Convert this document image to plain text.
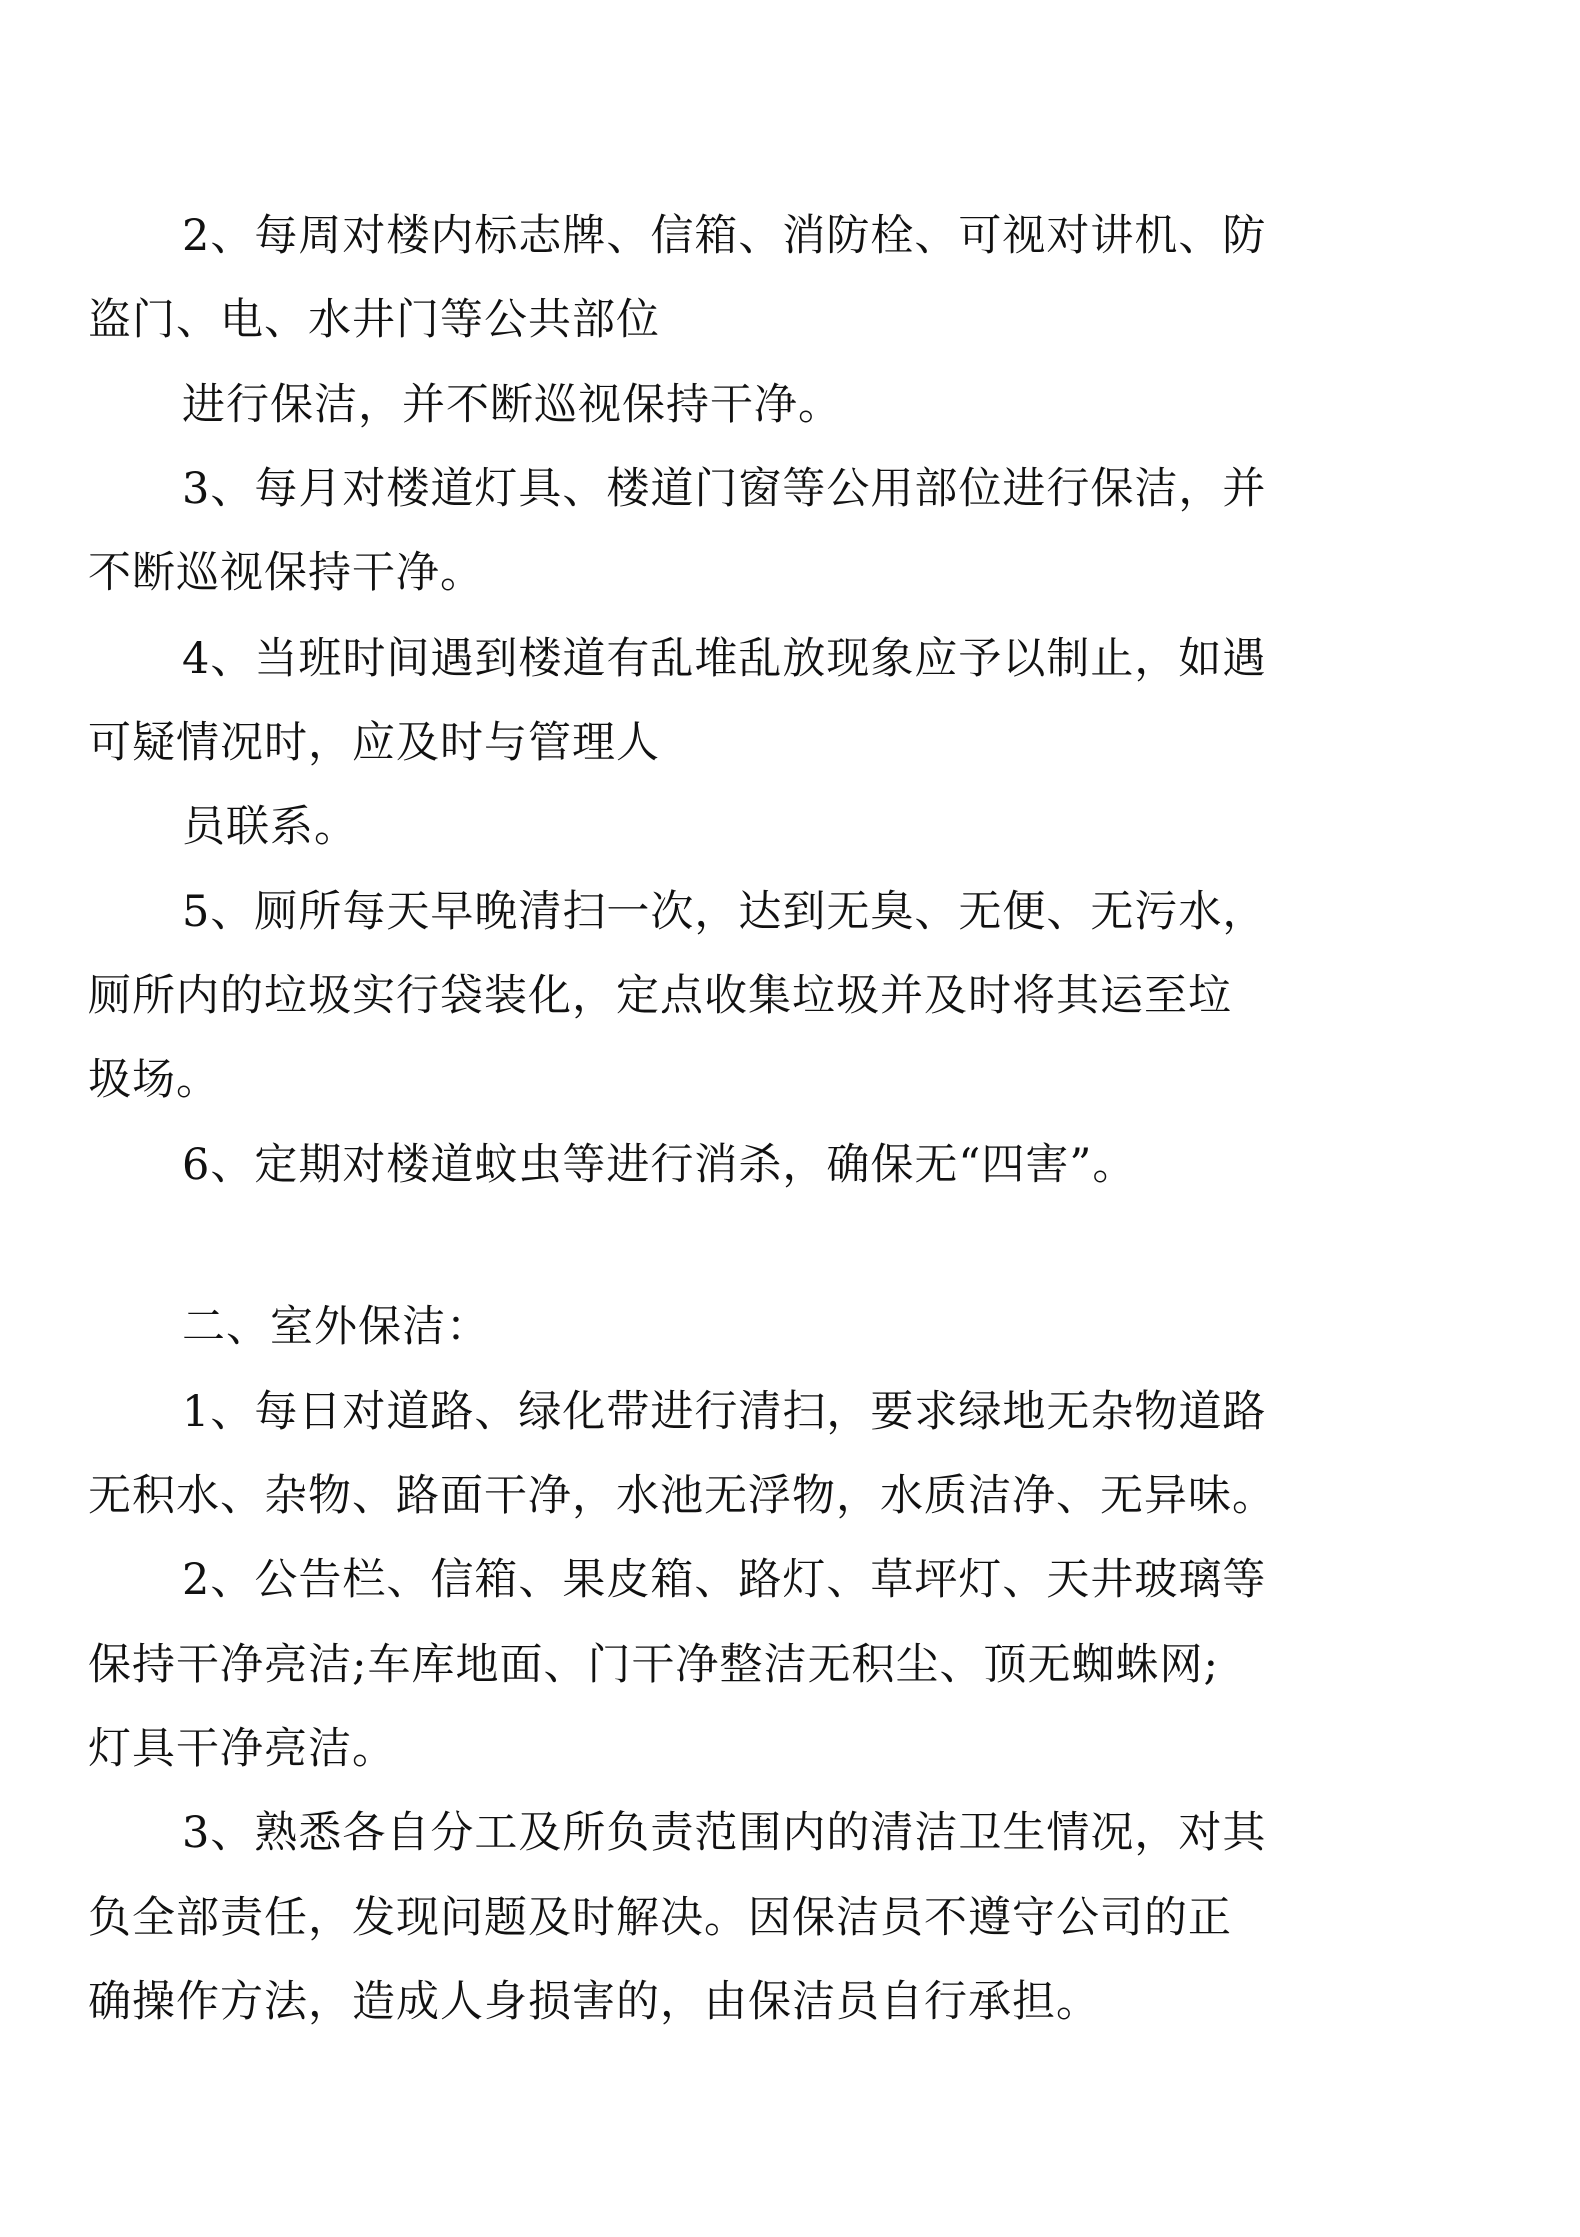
2、每周对楼内标志牌、信箱、消防栓、可视对讲机、防
盗门、电、水井门等公共部位
进行保洁，并不断巡视保持干净。
3、每月对楼道灯具、楼道门窗等公用部位进行保洁，并
不断巡视保持干净。
4、当班时间遇到楼道有乱堆乱放现象应予以制止，如遇
可疑情况时，应及时与管理人
员联系。
5、厕所每天早晚清扫一次，达到无臭、无便、无污水，
厕所内的垃圾实行袋装化，定点收集垃圾并及时将其运至垃
圾场。
6、定期对楼道蚊虫等进行消杀，确保无“四害”。
二、室外保洁：
1、每日对道路、绿化带进行清扫，要求绿地无杂物道路
无积水、杂物、路面干净，水池无浮物，水质洁净、无异味。
2、公告栏、信箱、果皮箱、路灯、草坪灯、天井玻璃等
保持干净亮洁;车库地面、门干净整洁无积尘、顶无蜘蛛网;
灯具干净亮洁。
3、熟悉各自分工及所负责范围内的清洁卫生情况，对其
负全部责任，发现问题及时解决。因保洁员不遵守公司的正
确操作方法，造成人身损害的，由保洁员自行承担。
